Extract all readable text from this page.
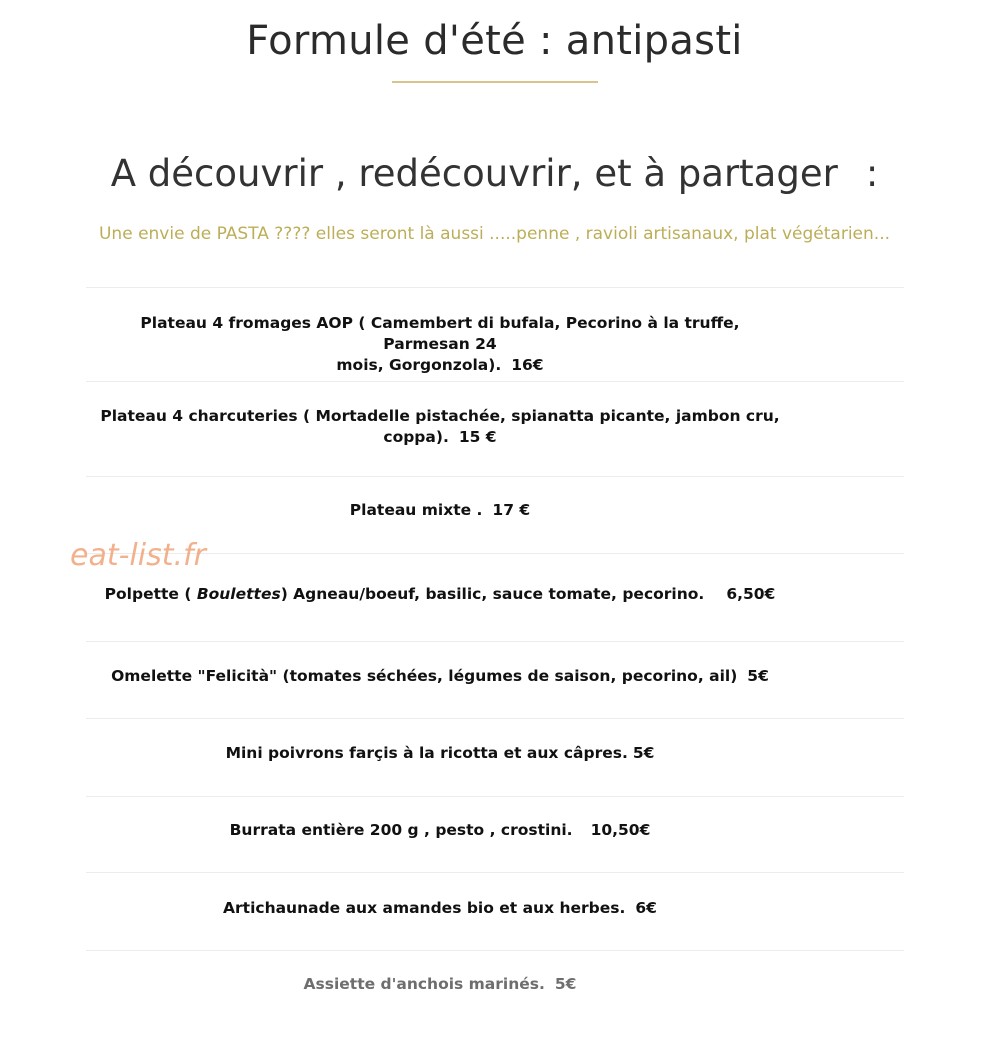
Formule d'été : antipasti
A découvrir , redécouvrir, et à partager :
Une envie de PASTA ???? elles seront là aussi .....penne , ravioli artisanaux, plat végétarien...
Plateau 4 fromages AOP ( Camembert di bufala, Pecorino à la truffe, Parmesan 24
mois, Gorgonzola). 16€
Plateau 4 charcuteries ( Mortadelle pistachée, spianatta picante, jambon cru,
coppa). 15 €
Plateau mixte . 17 €
eat-list.fr
Polpette ( Boulettes) Agneau/boeuf, basilic, sauce tomate, pecorino. 6,50€
Omelette "Felicità" (tomates séchées, légumes de saison, pecorino, ail) 5€
Mini poivrons farçis à la ricotta et aux câpres. 5€
Burrata entière 200 g , pesto , crostini. 10,50€
Artichaunade aux amandes bio et aux herbes. 6€
Assiette d'anchois marinés. 5€
